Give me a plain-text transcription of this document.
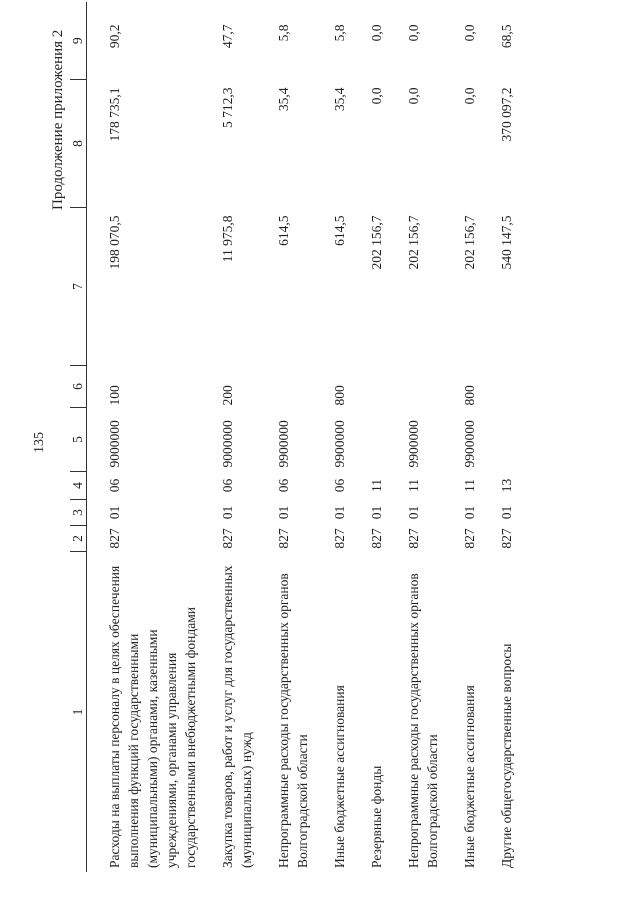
135
Продолжение приложения 2
1	2	3	4	5	6	7	8	9
Расходы на выплаты персоналу в целях обеспечения выполнения функций государственными (муниципальными) органами, казенными учреждениями, органами управления государственными внебюджетными фондами	827	01	06	9000000	100	198 070,5	178 735,1	90,2
Закупка товаров, работ и услуг для государственных (муниципальных) нужд	827	01	06	9000000	200	11 975,8	5 712,3	47,7
Непрограммные расходы государственных органов Волгоградской области	827	01	06	9900000		614,5	35,4	5,8
Иные бюджетные ассигнования	827	01	06	9900000	800	614,5	35,4	5,8
Резервные фонды	827	01	11			202 156,7	0,0	0,0
Непрограммные расходы государственных органов Волгоградской области	827	01	11	9900000		202 156,7	0,0	0,0
Иные бюджетные ассигнования	827	01	11	9900000	800	202 156,7	0,0	0,0
Другие общегосударственные вопросы	827	01	13			540 147,5	370 097,2	68,5
